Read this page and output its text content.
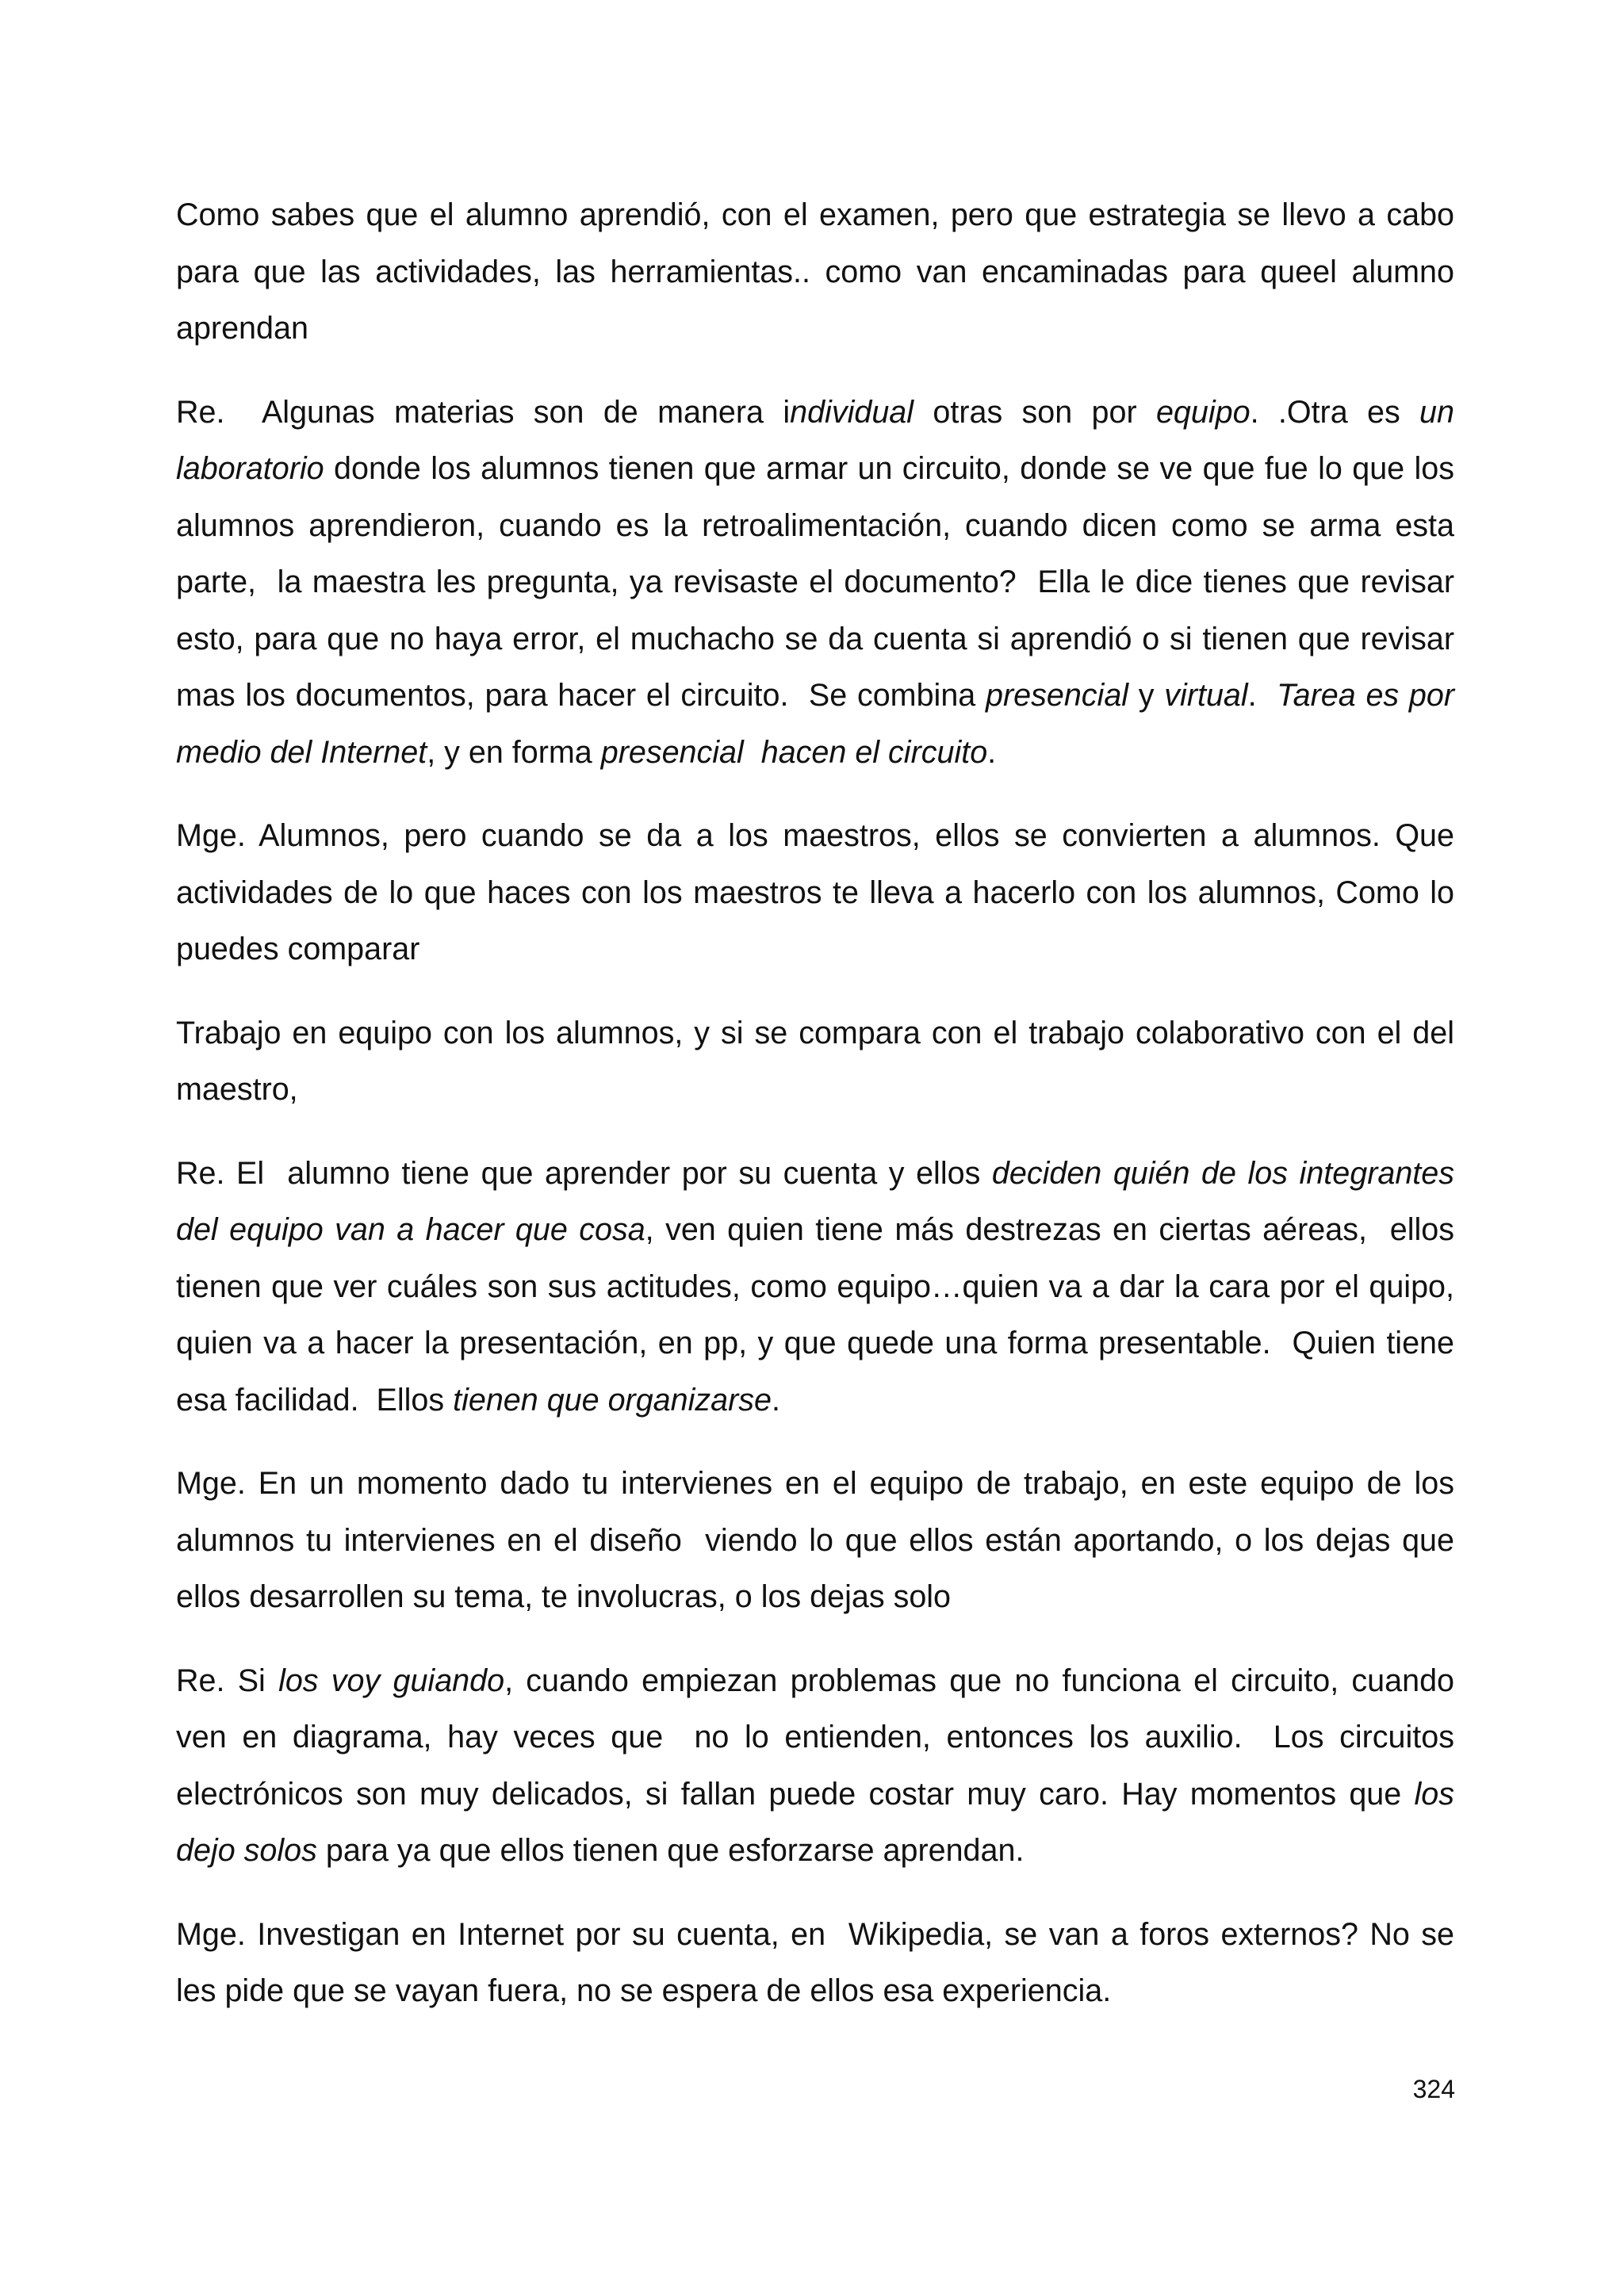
Como sabes que el alumno aprendió, con el examen, pero que estrategia se llevo a cabo para que las actividades, las herramientas.. como van encaminadas para queel alumno aprendan
Re.  Algunas materias son de manera individual otras son por equipo. .Otra es un laboratorio donde los alumnos tienen que armar un circuito, donde se ve que fue lo que los alumnos aprendieron, cuando es la retroalimentación, cuando dicen como se arma esta parte,  la maestra les pregunta, ya revisaste el documento?  Ella le dice tienes que revisar esto, para que no haya error, el muchacho se da cuenta si aprendió o si tienen que revisar mas los documentos, para hacer el circuito.  Se combina presencial y virtual.  Tarea es por  medio del Internet, y en forma presencial  hacen el circuito.
Mge. Alumnos, pero cuando se da a los maestros, ellos se convierten a alumnos. Que actividades de lo que haces con los maestros te lleva a hacerlo con los alumnos, Como lo puedes comparar
Trabajo en equipo con los alumnos, y si se compara con el trabajo colaborativo con el del maestro,
Re. El  alumno tiene que aprender por su cuenta y ellos deciden quién de los integrantes del equipo van a hacer que cosa, ven quien tiene más destrezas en ciertas aéreas,  ellos tienen que ver cuáles son sus actitudes, como equipo…quien va a dar la cara por el quipo, quien va a hacer la presentación, en pp, y que quede una forma presentable.  Quien tiene esa facilidad.  Ellos tienen que organizarse.
Mge. En un momento dado tu intervienes en el equipo de trabajo, en este equipo de los alumnos tu intervienes en el diseño  viendo lo que ellos están aportando, o los dejas que ellos desarrollen su tema, te involucras, o los dejas solo
Re. Si los voy guiando, cuando empiezan problemas que no funciona el circuito, cuando ven en diagrama, hay veces que  no lo entienden, entonces los auxilio.  Los circuitos electrónicos son muy delicados, si fallan puede costar muy caro. Hay momentos que los dejo solos para ya que ellos tienen que esforzarse aprendan.
Mge. Investigan en Internet por su cuenta, en  Wikipedia, se van a foros externos? No se les pide que se vayan fuera, no se espera de ellos esa experiencia.
324
